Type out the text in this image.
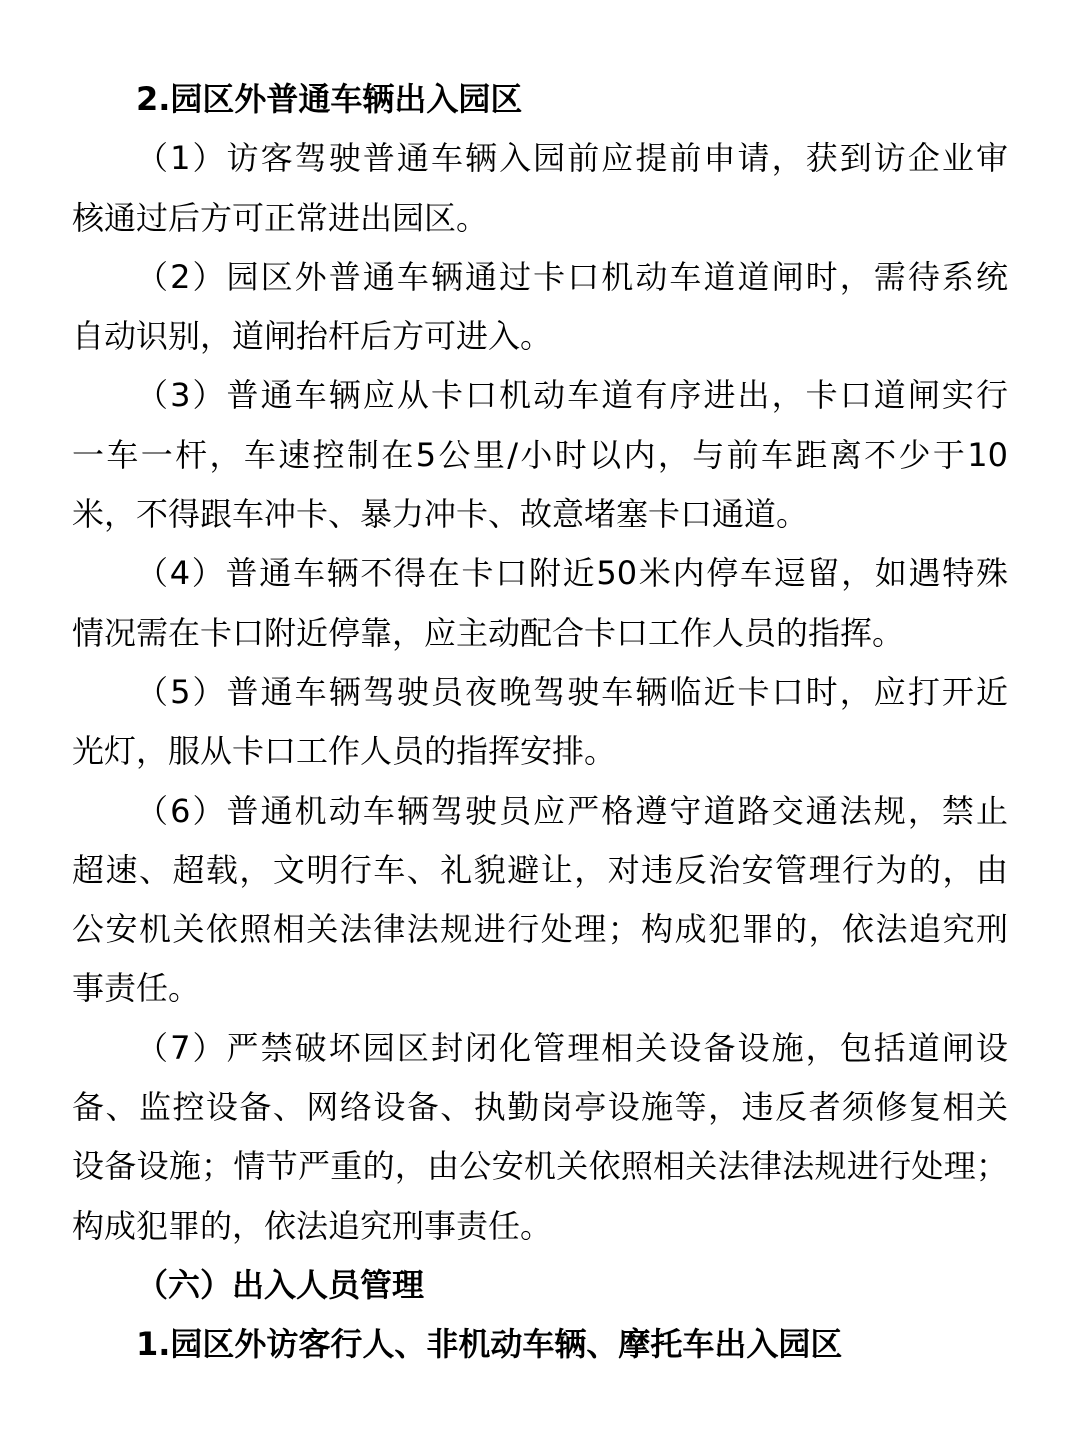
2.园区外普通车辆出入园区
（1）访客驾驶普通车辆入园前应提前申请，获到访企业审
核通过后方可正常进出园区。
（2）园区外普通车辆通过卡口机动车道道闸时，需待系统
自动识别，道闸抬杆后方可进入。
（3）普通车辆应从卡口机动车道有序进出，卡口道闸实行
一车一杆，车速控制在5公里/小时以内，与前车距离不少于10
米，不得跟车冲卡、暴力冲卡、故意堵塞卡口通道。
（4）普通车辆不得在卡口附近50米内停车逗留，如遇特殊
情况需在卡口附近停靠，应主动配合卡口工作人员的指挥。
（5）普通车辆驾驶员夜晚驾驶车辆临近卡口时，应打开近
光灯，服从卡口工作人员的指挥安排。
（6）普通机动车辆驾驶员应严格遵守道路交通法规，禁止
超速、超载，文明行车、礼貌避让，对违反治安管理行为的，由
公安机关依照相关法律法规进行处理；构成犯罪的，依法追究刑
事责任。
（7）严禁破坏园区封闭化管理相关设备设施，包括道闸设
备、监控设备、网络设备、执勤岗亭设施等，违反者须修复相关
设备设施；情节严重的，由公安机关依照相关法律法规进行处理；
构成犯罪的，依法追究刑事责任。
（六）出入人员管理
1.园区外访客行人、非机动车辆、摩托车出入园区
